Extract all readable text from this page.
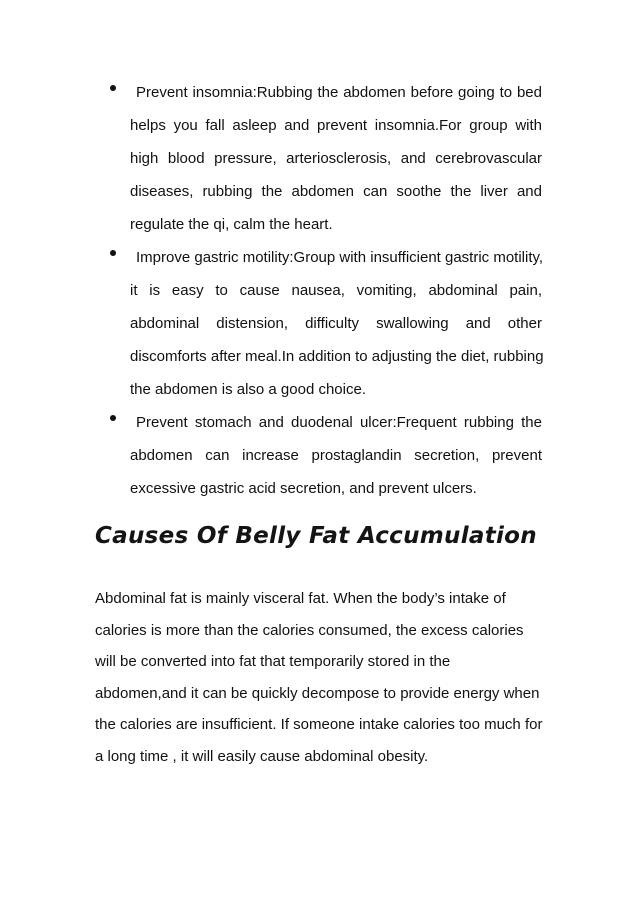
Prevent insomnia:Rubbing the abdomen before going to bed
helps you fall asleep and prevent insomnia.For group with
high blood pressure, arteriosclerosis, and cerebrovascular
diseases, rubbing the abdomen can soothe the liver and
regulate the qi, calm the heart.
Improve gastric motility:Group with insufficient gastric motility,
it is easy to cause nausea, vomiting, abdominal pain,
abdominal distension, difficulty swallowing and other
discomforts after meal.In addition to adjusting the diet, rubbing
the abdomen is also a good choice.
Prevent stomach and duodenal ulcer:Frequent rubbing the
abdomen can increase prostaglandin secretion, prevent
excessive gastric acid secretion, and prevent ulcers.
Causes Of Belly Fat Accumulation
Abdominal fat is mainly visceral fat. When the body’s intake of
calories is more than the calories consumed, the excess calories
will be converted into fat that temporarily stored in the
abdomen,and it can be quickly decompose to provide energy when
the calories are insufficient. If someone intake calories too much for
a long time , it will easily cause abdominal obesity.
